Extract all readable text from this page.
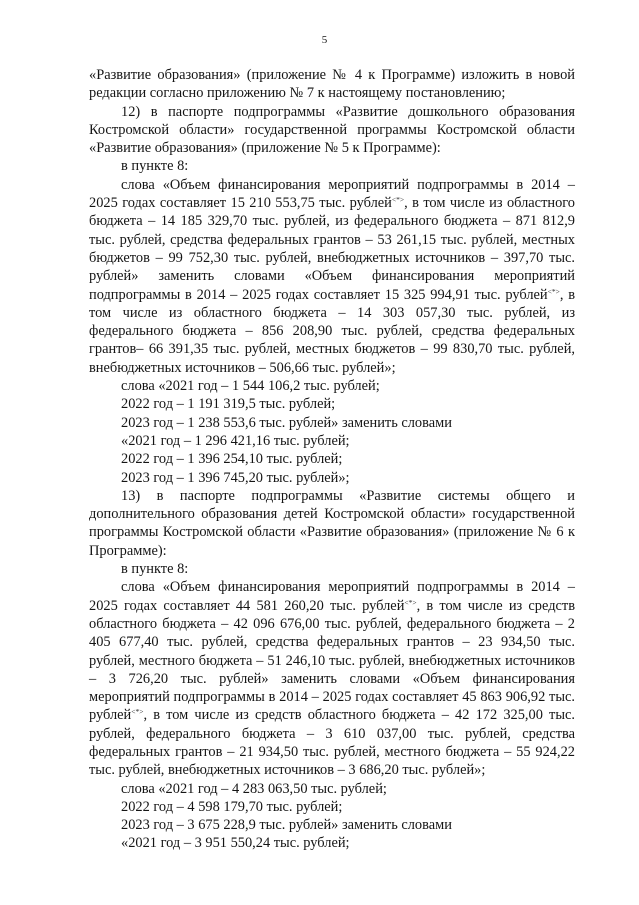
5

«Развитие образования» (приложение № 4 к Программе) изложить в новой редакции согласно приложению № 7 к настоящему постановлению;

12) в паспорте подпрограммы «Развитие дошкольного образования Костромской области» государственной программы Костромской области «Развитие образования» (приложение № 5 к Программе):

в пункте 8:

слова «Объем финансирования мероприятий подпрограммы в 2014 – 2025 годах составляет 15 210 553,75 тыс. рублей<*>, в том числе из областного бюджета – 14 185 329,70 тыс. рублей, из федерального бюджета – 871 812,9 тыс. рублей, средства федеральных грантов – 53 261,15 тыс. рублей, местных бюджетов – 99 752,30 тыс. рублей, внебюджетных источников – 397,70 тыс. рублей» заменить словами «Объем финансирования мероприятий подпрограммы в 2014 – 2025 годах составляет 15 325 994,91 тыс. рублей<*>, в том числе из областного бюджета – 14 303 057,30 тыс. рублей, из федерального бюджета – 856 208,90 тыс. рублей, средства федеральных грантов– 66 391,35 тыс. рублей, местных бюджетов – 99 830,70 тыс. рублей, внебюджетных источников – 506,66 тыс. рублей»;

слова «2021 год – 1 544 106,2 тыс. рублей;

2022 год – 1 191 319,5 тыс. рублей;

2023 год – 1 238 553,6 тыс. рублей» заменить словами

«2021 год – 1 296 421,16 тыс. рублей;

2022 год – 1 396 254,10 тыс. рублей;

2023 год – 1 396 745,20 тыс. рублей»;

13) в паспорте подпрограммы «Развитие системы общего и дополнительного образования детей Костромской области» государственной программы Костромской области «Развитие образования» (приложение № 6 к Программе):

в пункте 8:

слова «Объем финансирования мероприятий подпрограммы в 2014 – 2025 годах составляет 44 581 260,20 тыс. рублей<*>, в том числе из средств областного бюджета – 42 096 676,00 тыс. рублей, федерального бюджета – 2 405 677,40 тыс. рублей, средства федеральных грантов – 23 934,50 тыс. рублей, местного бюджета – 51 246,10 тыс. рублей, внебюджетных источников – 3 726,20 тыс. рублей» заменить словами «Объем финансирования мероприятий подпрограммы в 2014 – 2025 годах составляет 45 863 906,92 тыс. рублей<*>, в том числе из средств областного бюджета – 42 172 325,00 тыс. рублей, федерального бюджета – 3 610 037,00 тыс. рублей, средства федеральных грантов – 21 934,50 тыс. рублей, местного бюджета – 55 924,22 тыс. рублей, внебюджетных источников – 3 686,20 тыс. рублей»;

слова «2021 год – 4 283 063,50 тыс. рублей;

2022 год – 4 598 179,70 тыс. рублей;

2023 год – 3 675 228,9 тыс. рублей» заменить словами

«2021 год – 3 951 550,24 тыс. рублей;
